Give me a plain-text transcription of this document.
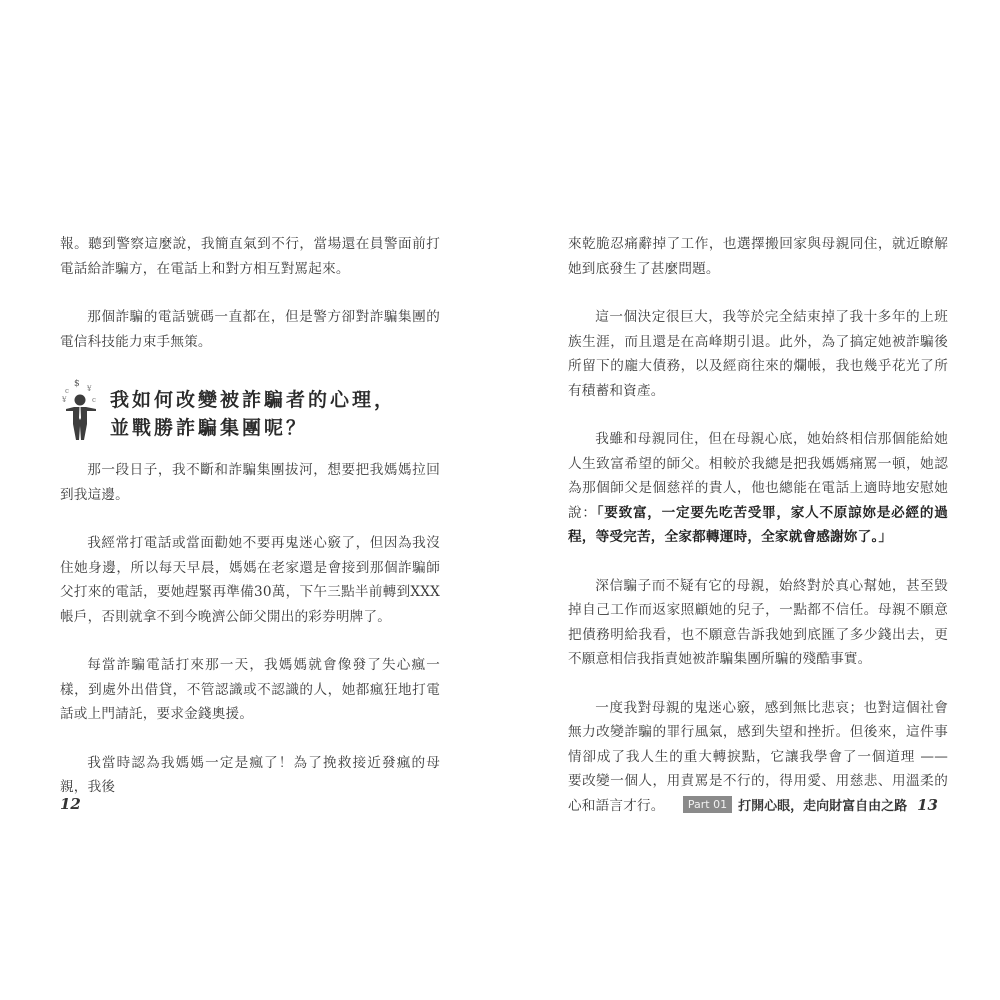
報。聽到警察這麼說，我簡直氣到不行，當場還在員警面前打電話給詐騙方，在電話上和對方相互對罵起來。

那個詐騙的電話號碼一直都在，但是警方卻對詐騙集團的電信科技能力束手無策。

$
c	¥
¥	c 我如何改變被詐騙者的心理，
並戰勝詐騙集團呢？

那一段日子，我不斷和詐騙集團拔河，想要把我媽媽拉回到我這邊。

我經常打電話或當面勸她不要再鬼迷心竅了，但因為我沒住她身邊，所以每天早晨，媽媽在老家還是會接到那個詐騙師父打來的電話，要她趕緊再準備30萬，下午三點半前轉到XXX帳戶，否則就拿不到今晚濟公師父開出的彩券明牌了。

每當詐騙電話打來那一天，我媽媽就會像發了失心瘋一樣，到處外出借貸，不管認識或不認識的人，她都瘋狂地打電話或上門請託，要求金錢奧援。

我當時認為我媽媽一定是瘋了！為了挽救接近發瘋的母親，我後

12

來乾脆忍痛辭掉了工作，也選擇搬回家與母親同住，就近瞭解她到底發生了甚麼問題。

這一個決定很巨大，我等於完全結束掉了我十多年的上班族生涯，而且還是在高峰期引退。此外，為了搞定她被詐騙後所留下的龐大債務，以及經商往來的爛帳，我也幾乎花光了所有積蓄和資產。

我雖和母親同住，但在母親心底，她始終相信那個能給她人生致富希望的師父。相較於我總是把我媽媽痛罵一頓，她認為那個師父是個慈祥的貴人，他也總能在電話上適時地安慰她說：「要致富，一定要先吃苦受罪，家人不原諒妳是必經的過程，等受完苦，全家都轉運時，全家就會感謝妳了。」

深信騙子而不疑有它的母親，始終對於真心幫她，甚至毀掉自己工作而返家照顧她的兒子，一點都不信任。母親不願意把債務明給我看，也不願意告訴我她到底匯了多少錢出去，更不願意相信我指責她被詐騙集團所騙的殘酷事實。

一度我對母親的鬼迷心竅，感到無比悲哀；也對這個社會無力改變詐騙的罪行風氣，感到失望和挫折。但後來，這件事情卻成了我人生的重大轉捩點，它讓我學會了一個道理 —— 要改變一個人，用責罵是不行的，得用愛、用慈悲、用溫柔的心和語言才行。	Part 01 打開心眼，走向財富自由之路 13
